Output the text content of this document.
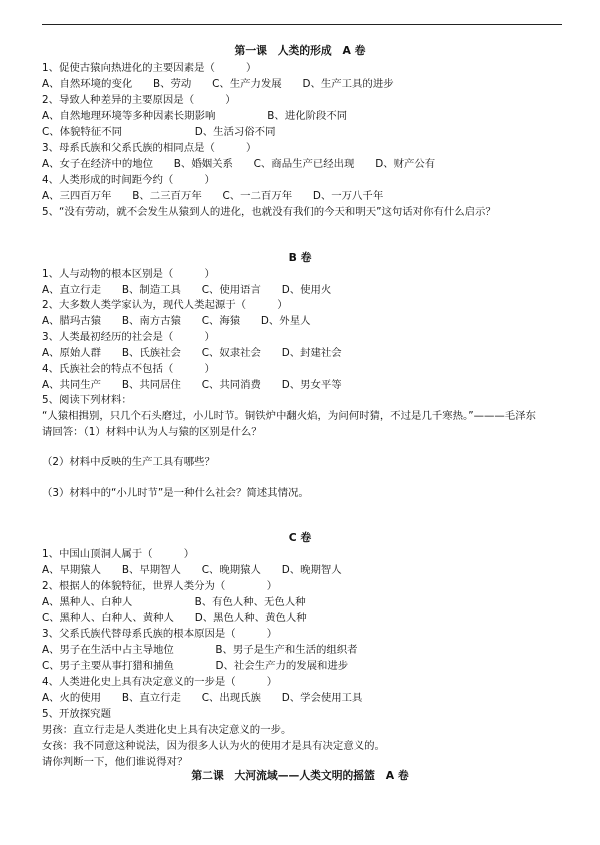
第一课　人类的形成　A 卷
1、促使古猿向热进化的主要因素是（　　　）
A、自然环境的变化　　B、劳动　　C、生产力发展　　D、生产工具的进步
2、导致人种差异的主要原因是（　　　）
A、自然地理环境等多种因素长期影响　　　　　B、进化阶段不同
C、体貌特征不同　　　　　　　D、生活习俗不同
3、母系氏族和父系氏族的相同点是（　　　）
A、女子在经济中的地位　　B、婚姻关系　　C、商品生产已经出现　　D、财产公有
4、人类形成的时间距今约（　　　）
A、三四百万年　　B、二三百万年　　C、一二百万年　　D、一万八千年
5、“没有劳动，就不会发生从猿到人的进化，也就没有我们的今天和明天”这句话对你有什么启示？
B 卷
1、人与动物的根本区别是（　　　）
A、直立行走　　B、制造工具　　C、使用语言　　D、使用火
2、大多数人类学家认为，现代人类起源于（　　　）
A、腊玛古猿　　B、南方古猿　　C、海猿　　D、外星人
3、人类最初经历的社会是（　　　）
A、原始人群　　B、氏族社会　　C、奴隶社会　　D、封建社会
4、氏族社会的特点不包括（　　　）
A、共同生产　　B、共同居住　　C、共同消费　　D、男女平等
5、阅读下列材料：
“人猿相揖别，只几个石头磨过，小儿时节。铜铁炉中翻火焰，为问何时猜，不过是几千寒热。”———毛泽东
请回答：（1）材料中认为人与猿的区别是什么？
（2）材料中反映的生产工具有哪些？
（3）材料中的“小儿时节”是一种什么社会？简述其情况。
C 卷
1、中国山顶洞人属于（　　　）
A、早期猿人　　B、早期智人　　C、晚期猿人　　D、晚期智人
2、根据人的体貌特征，世界人类分为（　　　　）
A、黑种人、白种人　　　　　　B、有色人种、无色人种
C、黑种人、白种人、黄种人　　D、黑色人种、黄色人种
3、父系氏族代替母系氏族的根本原因是（　　　）
A、男子在生活中占主导地位　　　　B、男子是生产和生活的组织者
C、男子主要从事打猎和捕鱼　　　　D、社会生产力的发展和进步
4、人类进化史上具有决定意义的一步是（　　　）
A、火的使用　　B、直立行走　　C、出现氏族　　D、学会使用工具
5、开放探究题
男孩：直立行走是人类进化史上具有决定意义的一步。
女孩：我不同意这种说法，因为很多人认为火的使用才是具有决定意义的。
请你判断一下，他们谁说得对？
第二课　大河流域——人类文明的摇篮　A 卷
